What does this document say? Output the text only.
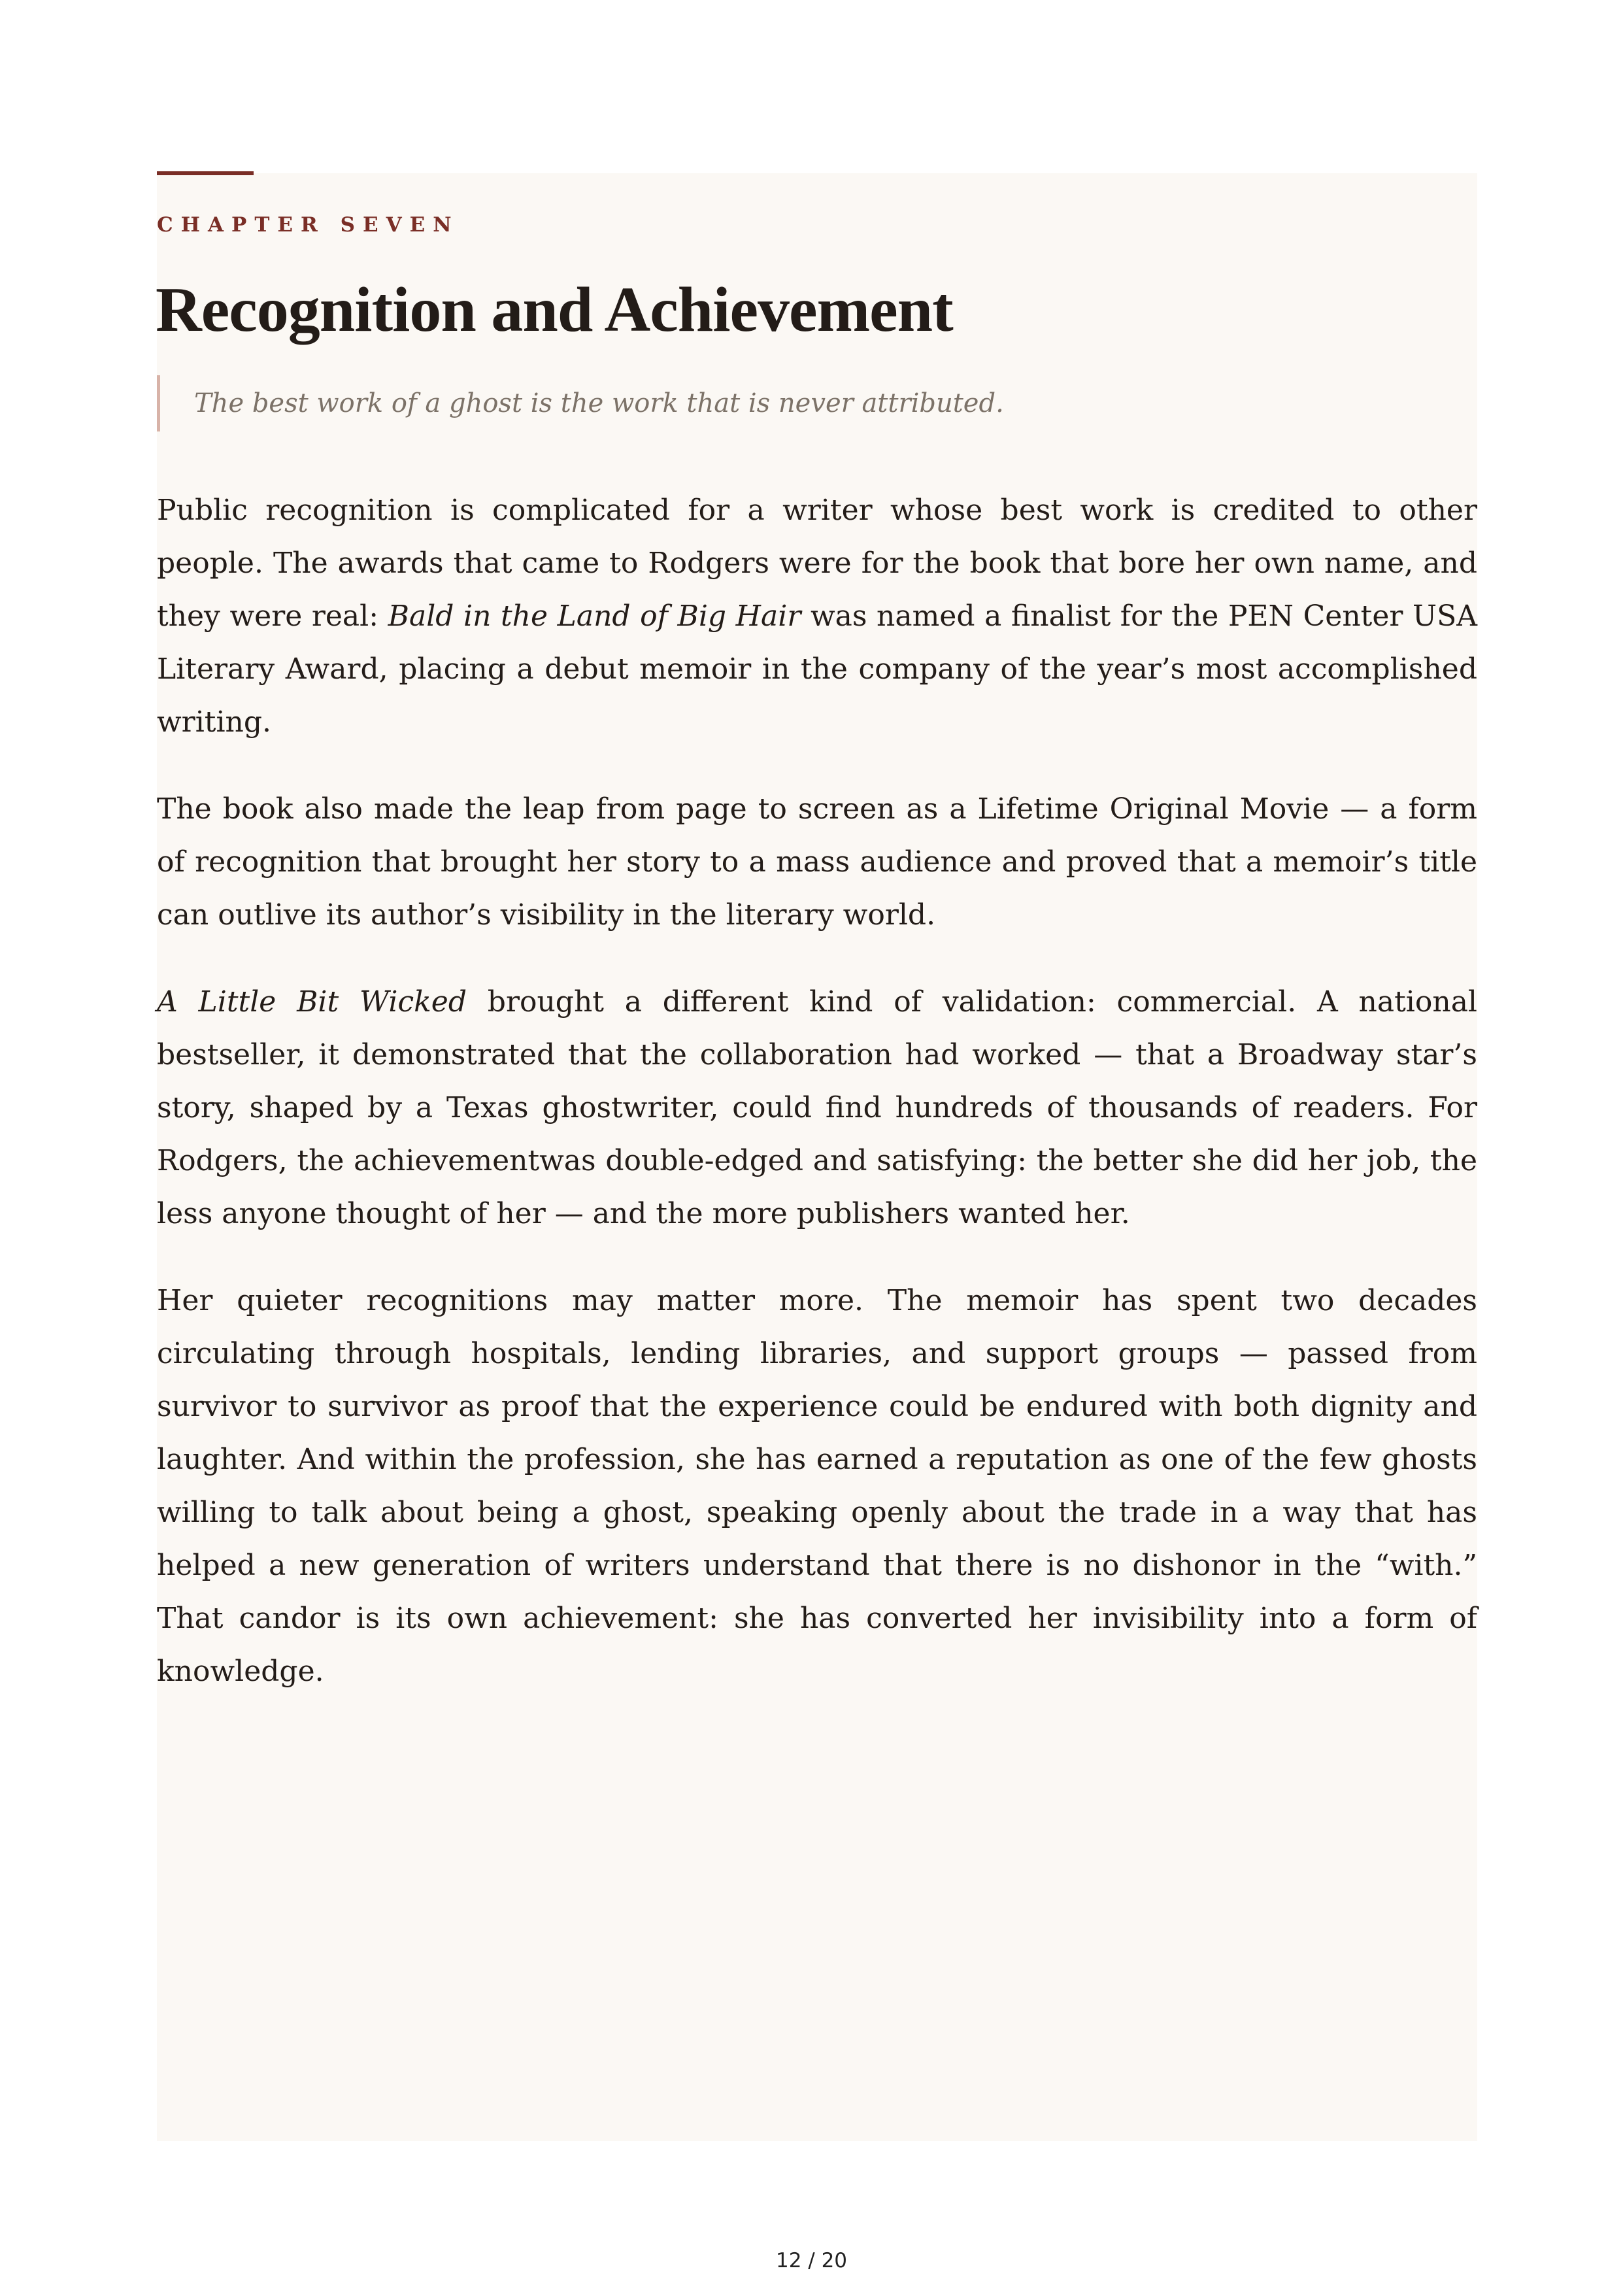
CHAPTER SEVEN
Recognition and Achievement
The best work of a ghost is the work that is never attributed.

Public recognition is complicated for a writer whose best work is credited to other people. The awards that came to Rodgers were for the book that bore her own name, and they were real: Bald in the Land of Big Hair was named a finalist for the PEN Center USA Literary Award, placing a debut memoir in the company of the year’s most accomplished writing.

The book also made the leap from page to screen as a Lifetime Original Movie — a form of recognition that brought her story to a mass audience and proved that a memoir’s title can outlive its author’s visibility in the literary world.

A Little Bit Wicked brought a different kind of validation: commercial. A national bestseller, it demonstrated that the collaboration had worked — that a Broadway star’s story, shaped by a Texas ghostwriter, could find hundreds of thousands of readers. For Rodgers, the achievementwas double-edged and satisfying: the better she did her job, the less anyone thought of her — and the more publishers wanted her.

Her quieter recognitions may matter more. The memoir has spent two decades circulating through hospitals, lending libraries, and support groups — passed from survivor to survivor as proof that the experience could be endured with both dignity and laughter. And within the profession, she has earned a reputation as one of the few ghosts willing to talk about being a ghost, speaking openly about the trade in a way that has helped a new generation of writers understand that there is no dishonor in the “with.” That candor is its own achievement: she has converted her invisibility into a form of knowledge.

12 / 20
